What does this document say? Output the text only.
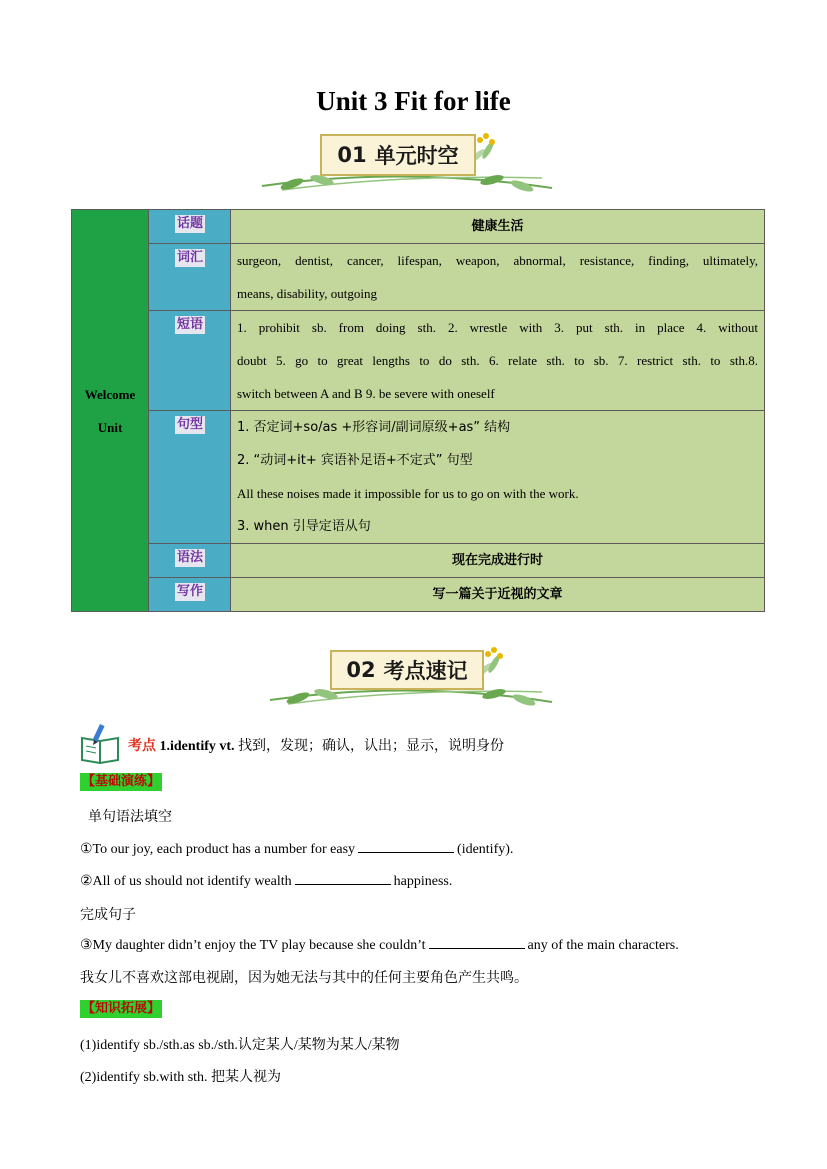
Unit 3 Fit for life
01 单元时空
Welcome
Unit	话题	健康生活
	词汇	surgeon, dentist, cancer, lifespan, weapon, abnormal, resistance, finding, ultimately,
means, disability, outgoing

	短语	1. prohibit sb. from doing sth. 2. wrestle with 3. put sth. in place 4. without
doubt 5. go to great lengths to do sth. 6. relate sth. to sb. 7. restrict sth. to sth.8.
switch between A and B 9. be severe with oneself

	句型	1. 否定词+so/as +形容词/副词原级+as” 结构
2. “动词+it+ 宾语补足语+不定式” 句型
All these noises made it impossible for us to go on with the work.
3. when 引导定语从句

	语法	现在完成进行时
	写作	写一篇关于近视的文章
02 考点速记
考点 1.identify vt. 找到，发现；确认，认出；显示，说明身份
【基础演练】
单句语法填空
①To our joy, each product has a number for easy	(identify).
②All of us should not identify wealth	happiness.
完成句子
③My daughter didn’t enjoy the TV play because she couldn’t	any of the main characters.
我女儿不喜欢这部电视剧，因为她无法与其中的任何主要角色产生共鸣。
【知识拓展】
(1)identify sb./sth.as sb./sth.认定某人/某物为某人/某物
(2)identify sb.with sth. 把某人视为
